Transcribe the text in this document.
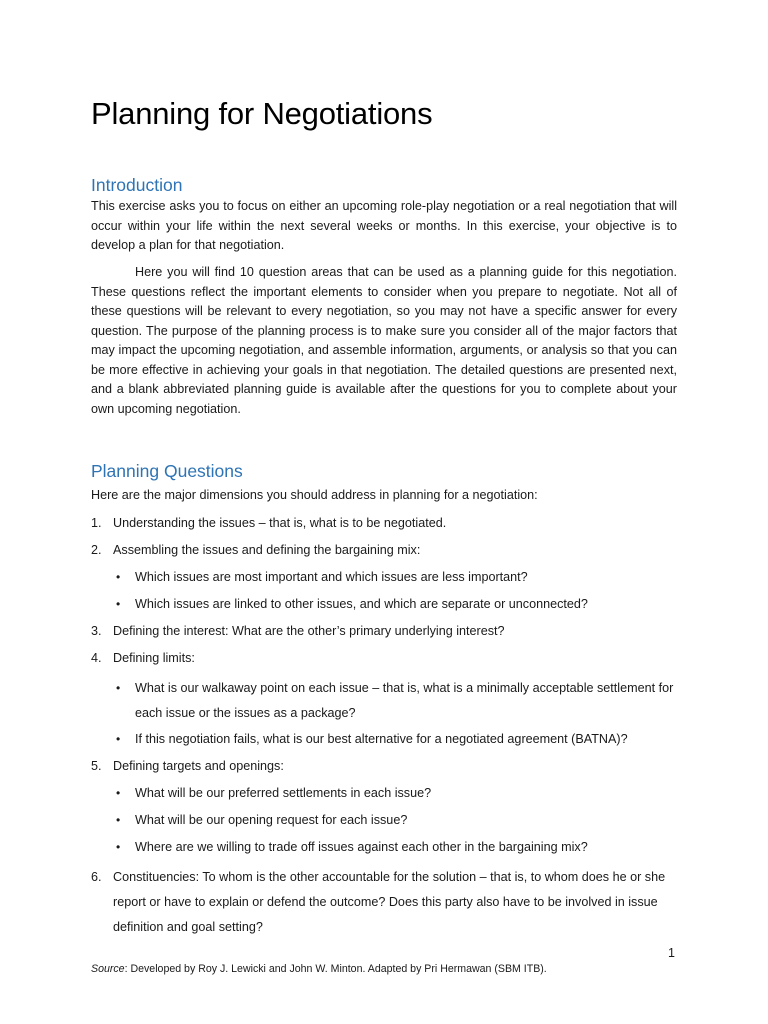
Planning for Negotiations
Introduction

This exercise asks you to focus on either an upcoming role-play negotiation or a real negotiation that will occur within your life within the next several weeks or months. In this exercise, your objective is to develop a plan for that negotiation.

Here you will find 10 question areas that can be used as a planning guide for this negotiation. These questions reflect the important elements to consider when you prepare to negotiate. Not all of these questions will be relevant to every negotiation, so you may not have a specific answer for every question. The purpose of the planning process is to make sure you consider all of the major factors that may impact the upcoming negotiation, and assemble information, arguments, or analysis so that you can be more effective in achieving your goals in that negotiation. The detailed questions are presented next, and a blank abbreviated planning guide is available after the questions for you to complete about your own upcoming negotiation.

Planning Questions

Here are the major dimensions you should address in planning for a negotiation:

1. Understanding the issues – that is, what is to be negotiated.
2. Assembling the issues and defining the bargaining mix:
• Which issues are most important and which issues are less important?
• Which issues are linked to other issues, and which are separate or unconnected?
3. Defining the interest: What are the other’s primary underlying interest?
4. Defining limits:
• What is our walkaway point on each issue – that is, what is a minimally acceptable settlement for each issue or the issues as a package?
• If this negotiation fails, what is our best alternative for a negotiated agreement (BATNA)?
5. Defining targets and openings:
• What will be our preferred settlements in each issue?
• What will be our opening request for each issue?
• Where are we willing to trade off issues against each other in the bargaining mix?
6. Constituencies: To whom is the other accountable for the solution – that is, to whom does he or she report or have to explain or defend the outcome? Does this party also have to be involved in issue definition and goal setting?
1
Source: Developed by Roy J. Lewicki and John W. Minton. Adapted by Pri Hermawan (SBM ITB).
